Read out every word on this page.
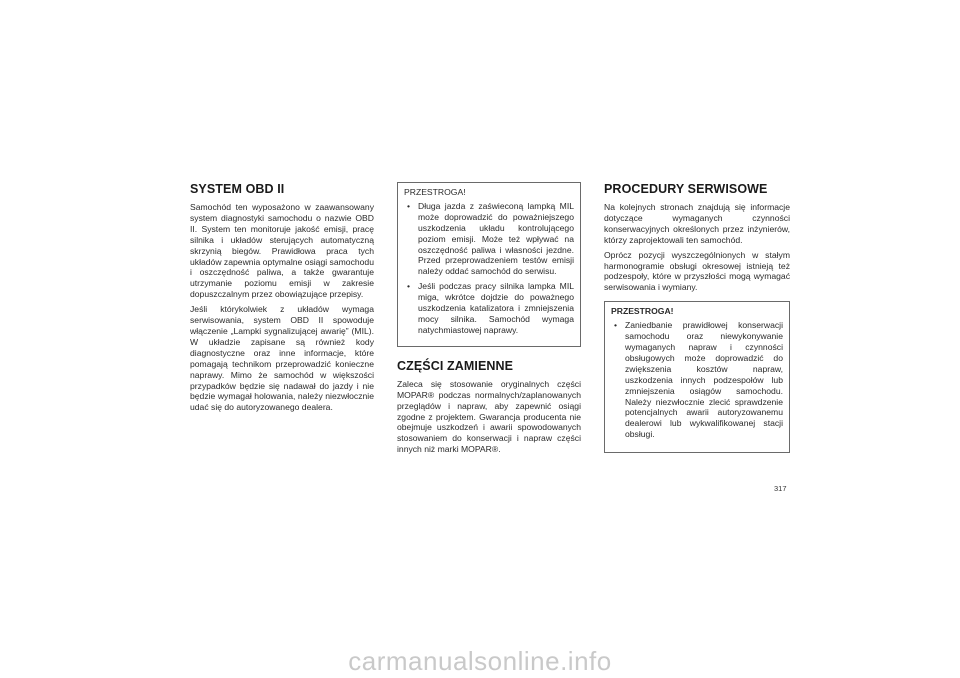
SYSTEM OBD II

Samochód ten wyposażono w zaawansowany system diagnostyki samochodu o nazwie OBD II. System ten monitoruje jakość emisji, pracę silnika i układów sterujących automatyczną skrzynią biegów. Prawidłowa praca tych układów zapewnia optymalne osiągi samochodu i oszczędność paliwa, a także gwarantuje utrzymanie poziomu emisji w zakresie dopuszczalnym przez obowiązujące przepisy.

Jeśli którykolwiek z układów wymaga serwisowania, system OBD II spowoduje włączenie „Lampki sygnalizującej awarię” (MIL). W układzie zapisane są również kody diagnostyczne oraz inne informacje, które pomagają technikom przeprowadzić konieczne naprawy. Mimo że samochód w większości przypadków będzie się nadawał do jazdy i nie będzie wymagał holowania, należy niezwłocznie udać się do autoryzowanego dealera.

PRZESTROGA!
• Długa jazda z zaświeconą lampką MIL może doprowadzić do poważniejszego uszkodzenia układu kontrolującego poziom emisji. Może też wpływać na oszczędność paliwa i własności jezdne. Przed przeprowadzeniem testów emisji należy oddać samochód do serwisu.
• Jeśli podczas pracy silnika lampka MIL miga, wkrótce dojdzie do poważnego uszkodzenia katalizatora i zmniejszenia mocy silnika. Samochód wymaga natychmiastowej naprawy.
CZĘŚCI ZAMIENNE

Zaleca się stosowanie oryginalnych części MOPAR® podczas normalnych/zaplanowanych przeglądów i napraw, aby zapewnić osiągi zgodne z projektem. Gwarancja producenta nie obejmuje uszkodzeń i awarii spowodowanych stosowaniem do konserwacji i napraw części innych niż marki MOPAR®.

PROCEDURY SERWISOWE

Na kolejnych stronach znajdują się informacje dotyczące wymaganych czynności konserwacyjnych określonych przez inżynierów, którzy zaprojektowali ten samochód.

Oprócz pozycji wyszczególnionych w stałym harmonogramie obsługi okresowej istnieją też podzespoły, które w przyszłości mogą wymagać serwisowania i wymiany.

PRZESTROGA!
• Zaniedbanie prawidłowej konserwacji samochodu oraz niewykonywanie wymaganych napraw i czynności obsługowych może doprowadzić do zwiększenia kosztów napraw, uszkodzenia innych podzespołów lub zmniejszenia osiągów samochodu. Należy niezwłocznie zlecić sprawdzenie potencjalnych awarii autoryzowanemu dealerowi lub wykwalifikowanej stacji obsługi.
317
carmanualsonline.info
